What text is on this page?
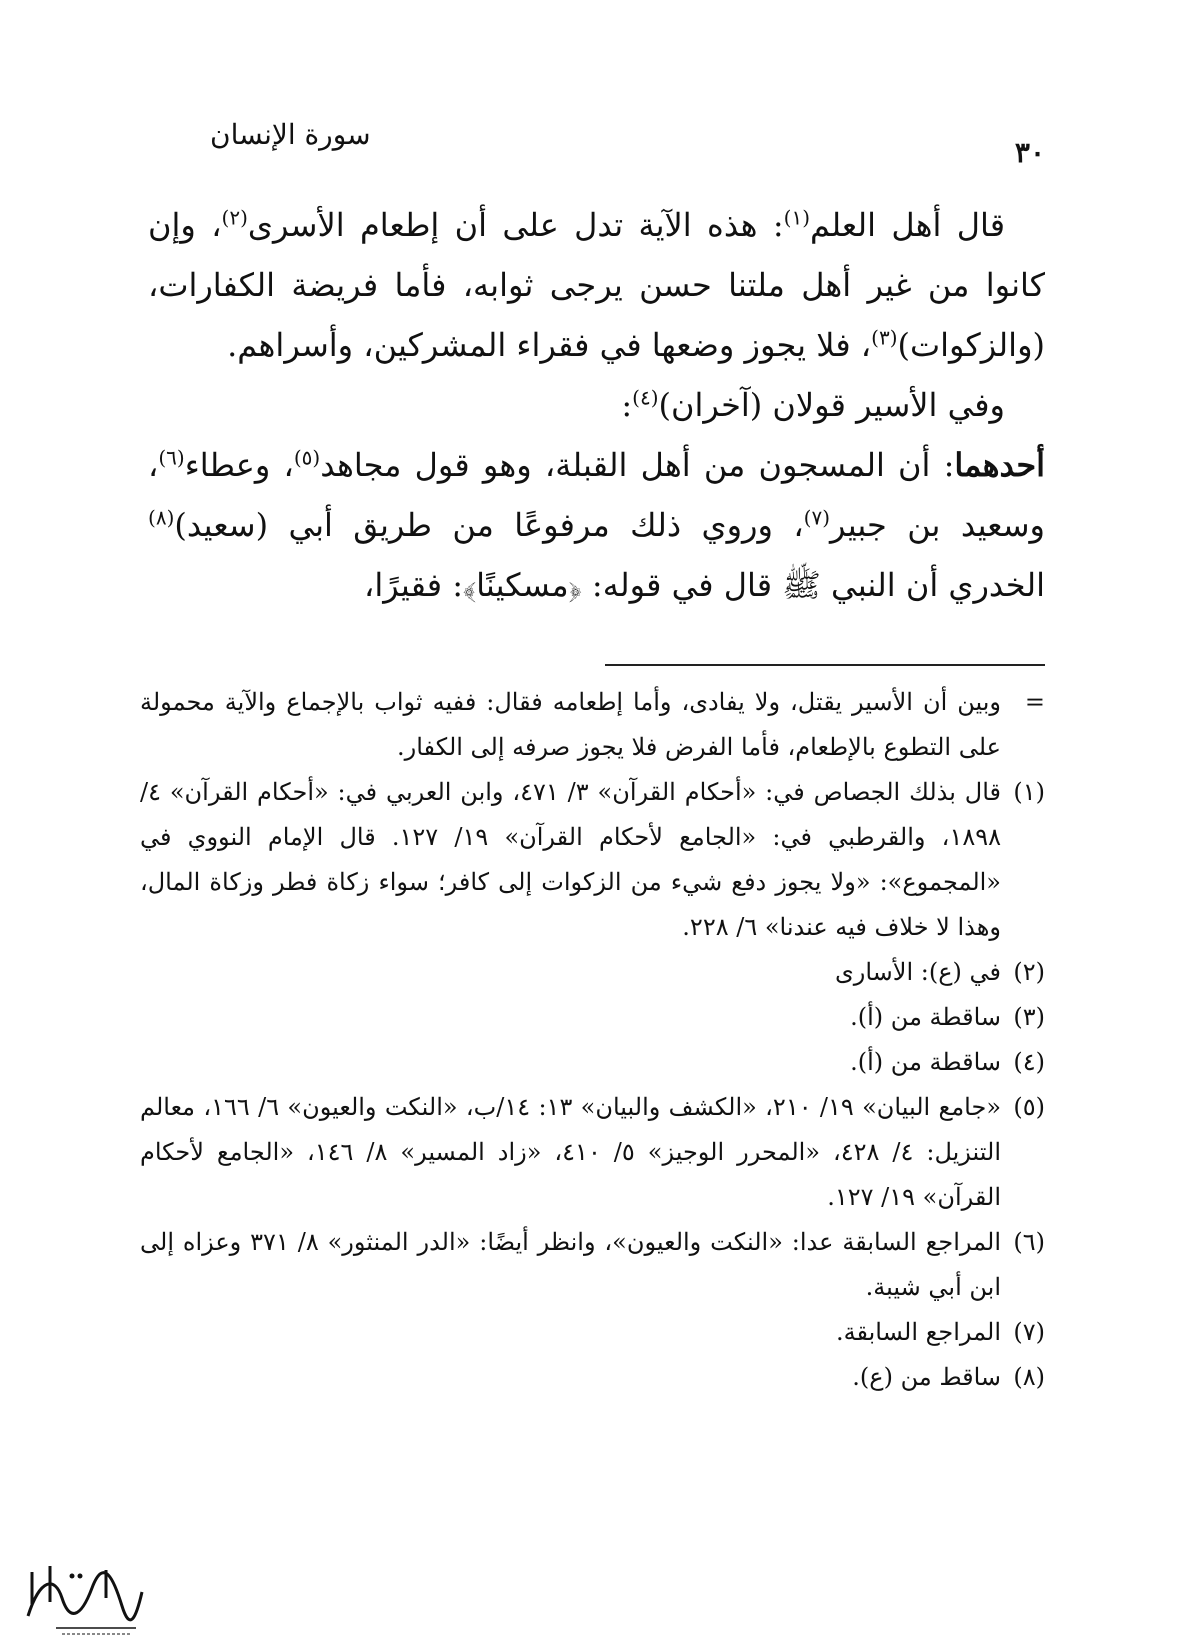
٣٠
سورة الإنسان

قال أهل العلم$^{(١)}$: هذه الآية تدل على أن إطعام الأسرى$^{(٢)}$، وإن كانوا من غير أهل ملتنا حسن يرجى ثوابه، فأما فريضة الكفارات، (والزكوات)$^{(٣)}$، فلا يجوز وضعها في فقراء المشركين، وأسراهم.

وفي الأسير قولان (آخران)$^{(٤)}$:

أحدهما: أن المسجون من أهل القبلة، وهو قول مجاهد$^{(٥)}$، وعطاء$^{(٦)}$، وسعيد بن جبير$^{(٧)}$، وروي ذلك مرفوعًا من طريق أبي (سعيد)$^{(٨)}$ الخدري أن النبي ﷺ قال في قوله: ﴿مسكينًا﴾: فقيرًا،

=
وبين أن الأسير يقتل، ولا يفادى، وأما إطعامه فقال: ففيه ثواب بالإجماع والآية محمولة على التطوع بالإطعام، فأما الفرض فلا يجوز صرفه إلى الكفار.
(١)
قال بذلك الجصاص في: «أحكام القرآن» ٣/ ٤٧١، وابن العربي في: «أحكام القرآن» ٤/ ١٨٩٨، والقرطبي في: «الجامع لأحكام القرآن» ١٩/ ١٢٧. قال الإمام النووي في «المجموع»: «ولا يجوز دفع شيء من الزكوات إلى كافر؛ سواء زكاة فطر وزكاة المال، وهذا لا خلاف فيه عندنا» ٦/ ٢٢٨.
(٢)
في (ع): الأسارى
(٣)
ساقطة من (أ).
(٤)
ساقطة من (أ).
(٥)
«جامع البيان» ١٩/ ٢١٠، «الكشف والبيان» ١٣: ١٤/ب، «النكت والعيون» ٦/ ١٦٦، معالم التنزيل: ٤/ ٤٢٨، «المحرر الوجيز» ٥/ ٤١٠، «زاد المسير» ٨/ ١٤٦، «الجامع لأحكام القرآن» ١٩/ ١٢٧.
(٦)
المراجع السابقة عدا: «النكت والعيون»، وانظر أيضًا: «الدر المنثور» ٨/ ٣٧١ وعزاه إلى ابن أبي شيبة.
(٧)
المراجع السابقة.
(٨)
ساقط من (ع).
